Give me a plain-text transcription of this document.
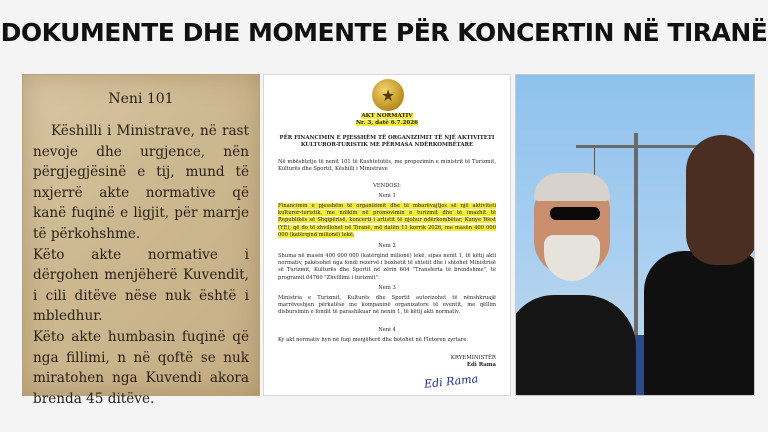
DOKUMENTE DHE MOMENTE PËR KONCERTIN NË TIRANË
Neni 101

Këshilli i Ministrave, në rast nevoje dhe urgjence, nën përgjegjësinë e tij, mund të nxjerrë akte normative që kanë fuqinë e ligjit, për marrje të përkohshme.

Këto akte normative i dërgohen menjëherë Kuvendit, i cili ditëve nëse nuk është i mbledhur.

Këto akte humbasin fuqinë që nga fillimi, n në qoftë se nuk miratohen nga Kuvendi akora brenda 45 ditëve.

★
AKT NORMATIV
Nr. 3, datë 6.7.2026
PËR FINANCIMIN E PJESSHËM TË ORGANIZIMIT TË NJË AKTIVITETI KULTUROR-TURISTIK ME PËRMASA NDËRKOMBËTARE
Në mbështetje të nenit 101 të Kushtetutës, me propozimin e ministrit të Turizmit, Kulturës dhe Sportit, Këshilli i Ministrave
VENDOSI:
Neni 1
Financimin e pjesshëm të organizimit dhe të mbarëvajtjes së një aktiviteti kulturor-turistik, me ndikim në promovimin e turizmit dhe të imazhit të Republikës së Shqipërisë, koncerti i artistit të njohur ndërkombëtar, Kanye West (YE), që do të zhvillohet në Tiranë, më datën 11 korrik 2026, me masën 400 000 000 (katërqind milionë) lekë.
Neni 2
Shuma në masën 400 000 000 (katërqind milionë) lekë, sipas nenit 1, të këtij akti normativ, pakësohet nga fondi rezervë i buxhetit të shtetit dhe i shtohet Ministrisë së Turizmit, Kulturës dhe Sportit në zërin 604 "Transferta të brendshme", të programit 04760 "Zhvillimi i turizmit".
Neni 3
Ministria e Turizmit, Kulturës dhe Sportit autorizohet të nënshkruajë marrëveshjen përkatëse me kompaninë organizatore të eventit, me qëllim disbursimin e fondit të parashikuar në nenin 1, të këtij akti normativ.
Neni 4
Ky akt normativ hyn në fuqi menjëherë dhe botohet në Fletoren zyrtare.
KRYEMINISTËR
Edi Rama
Edi Rama
